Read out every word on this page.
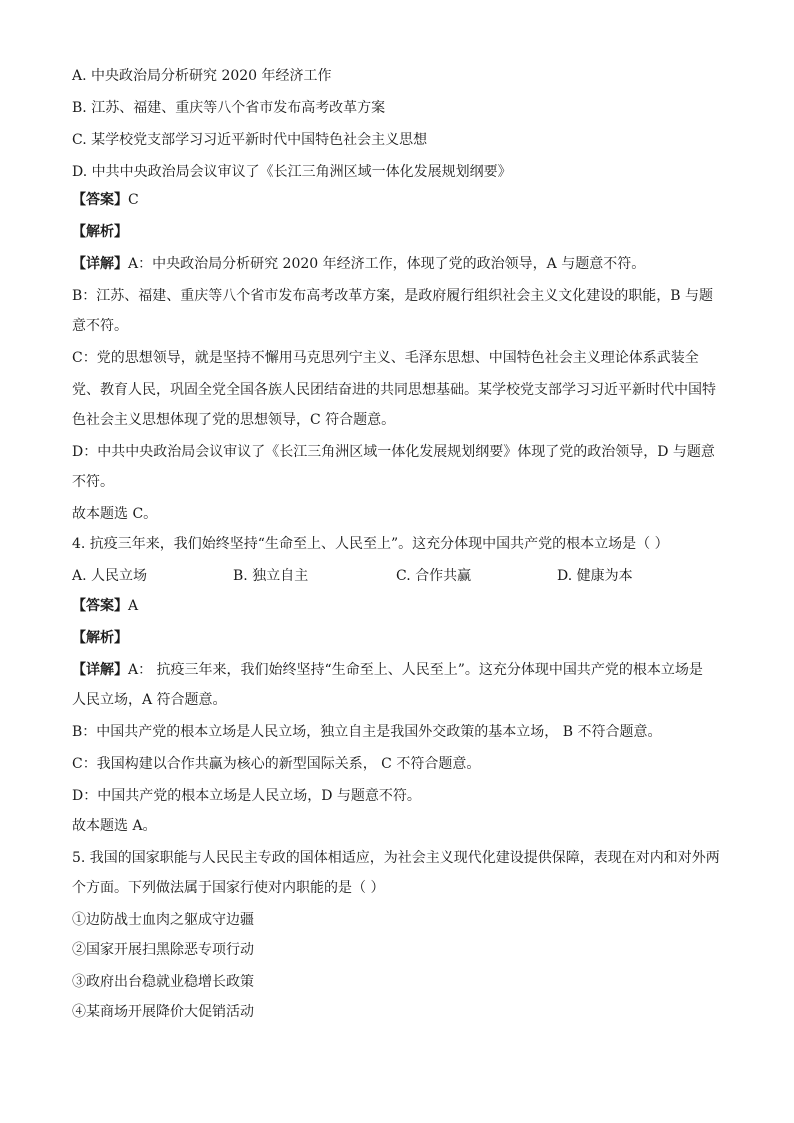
A. 中央政治局分析研究 2020 年经济工作
B. 江苏、福建、重庆等八个省市发布高考改革方案
C. 某学校党支部学习习近平新时代中国特色社会主义思想
D. 中共中央政治局会议审议了《长江三角洲区域一体化发展规划纲要》
【答案】C
【解析】
【详解】A：中央政治局分析研究 2020 年经济工作，体现了党的政治领导，A 与题意不符。
B：江苏、福建、重庆等八个省市发布高考改革方案，是政府履行组织社会主义文化建设的职能，B 与题
意不符。
C：党的思想领导，就是坚持不懈用马克思列宁主义、毛泽东思想、中国特色社会主义理论体系武装全
党、教育人民，巩固全党全国各族人民团结奋进的共同思想基础。某学校党支部学习习近平新时代中国特
色社会主义思想体现了党的思想领导，C 符合题意。
D：中共中央政治局会议审议了《长江三角洲区域一体化发展规划纲要》体现了党的政治领导，D 与题意
不符。
故本题选 C。
4. 抗疫三年来，我们始终坚持“生命至上、人民至上”。这充分体现中国共产党的根本立场是（ ）
A. 人民立场	B. 独立自主	C. 合作共赢	D. 健康为本
【答案】A
【解析】
【详解】A： 抗疫三年来，我们始终坚持“生命至上、人民至上”。这充分体现中国共产党的根本立场是
人民立场，A 符合题意。
B：中国共产党的根本立场是人民立场，独立自主是我国外交政策的基本立场， B 不符合题意。
C：我国构建以合作共赢为核心的新型国际关系， C 不符合题意。
D：中国共产党的根本立场是人民立场，D 与题意不符。
故本题选 A。
5. 我国的国家职能与人民民主专政的国体相适应，为社会主义现代化建设提供保障，表现在对内和对外两
个方面。下列做法属于国家行使对内职能的是（ ）
①边防战士血肉之躯成守边疆
②国家开展扫黑除恶专项行动
③政府出台稳就业稳增长政策
④某商场开展降价大促销活动
